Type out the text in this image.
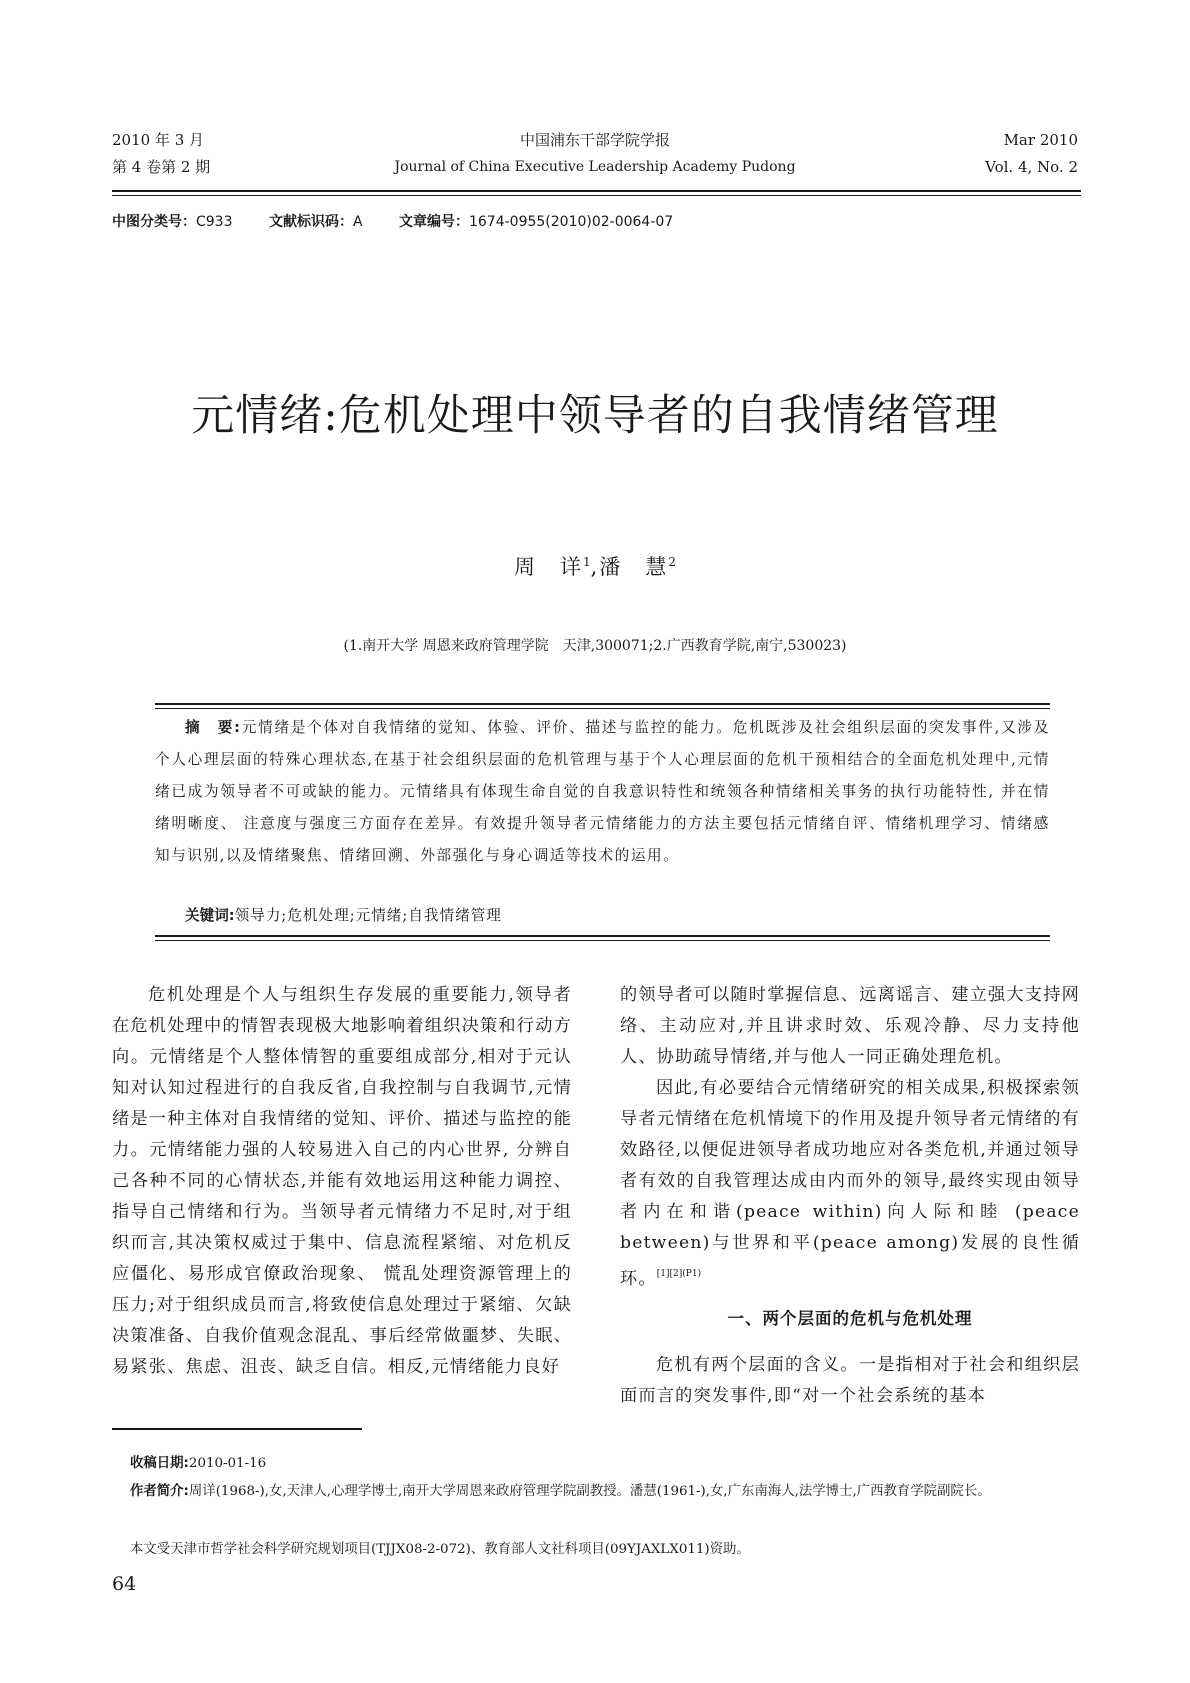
2010 年 3 月	中国浦东干部学院学报	Mar 2010
第 4 卷第 2 期	Journal of China Executive Leadership Academy Pudong	Vol. 4, No. 2
中图分类号：C933	文献标识码：A	文章编号：1674-0955(2010)02-0064-07
元情绪:危机处理中领导者的自我情绪管理
周　详$^1$,潘　慧$^2$
(1.南开大学 周恩来政府管理学院　天津,300071;2.广西教育学院,南宁,530023)
摘　要:元情绪是个体对自我情绪的觉知、体验、评价、描述与监控的能力。危机既涉及社会组织层面的突发事件,又涉及个人心理层面的特殊心理状态,在基于社会组织层面的危机管理与基于个人心理层面的危机干预相结合的全面危机处理中,元情绪已成为领导者不可或缺的能力。元情绪具有体现生命自觉的自我意识特性和统领各种情绪相关事务的执行功能特性, 并在情绪明晰度、 注意度与强度三方面存在差异。有效提升领导者元情绪能力的方法主要包括元情绪自评、情绪机理学习、情绪感知与识别,以及情绪聚焦、情绪回溯、外部强化与身心调适等技术的运用。
关键词:领导力;危机处理;元情绪;自我情绪管理

危机处理是个人与组织生存发展的重要能力,领导者在危机处理中的情智表现极大地影响着组织决策和行动方向。元情绪是个人整体情智的重要组成部分,相对于元认知对认知过程进行的自我反省,自我控制与自我调节,元情绪是一种主体对自我情绪的觉知、评价、描述与监控的能力。元情绪能力强的人较易进入自己的内心世界, 分辨自己各种不同的心情状态,并能有效地运用这种能力调控、指导自己情绪和行为。当领导者元情绪力不足时,对于组织而言,其决策权威过于集中、信息流程紧缩、对危机反应僵化、易形成官僚政治现象、 慌乱处理资源管理上的压力;对于组织成员而言,将致使信息处理过于紧缩、欠缺决策准备、自我价值观念混乱、事后经常做噩梦、失眠、易紧张、焦虑、沮丧、缺乏自信。相反,元情绪能力良好

的领导者可以随时掌握信息、远离谣言、建立强大支持网络、主动应对,并且讲求时效、乐观冷静、尽力支持他人、协助疏导情绪,并与他人一同正确处理危机。

因此,有必要结合元情绪研究的相关成果,积极探索领导者元情绪在危机情境下的作用及提升领导者元情绪的有效路径,以便促进领导者成功地应对各类危机,并通过领导者有效的自我管理达成由内而外的领导,最终实现由领导者内在和谐(peace within)向人际和睦 (peace between)与世界和平(peace among)发展的良性循环。$^{[1][2](P1)}$

一、两个层面的危机与危机处理

危机有两个层面的含义。一是指相对于社会和组织层面而言的突发事件,即“对一个社会系统的基本

收稿日期:2010-01-16
作者简介:周详(1968-),女,天津人,心理学博士,南开大学周恩来政府管理学院副教授。潘慧(1961-),女,广东南海人,法学博士,广西教育学院副院长。
本文受天津市哲学社会科学研究规划项目(TJJX08-2-072)、教育部人文社科项目(09YJAXLX011)资助。
64
